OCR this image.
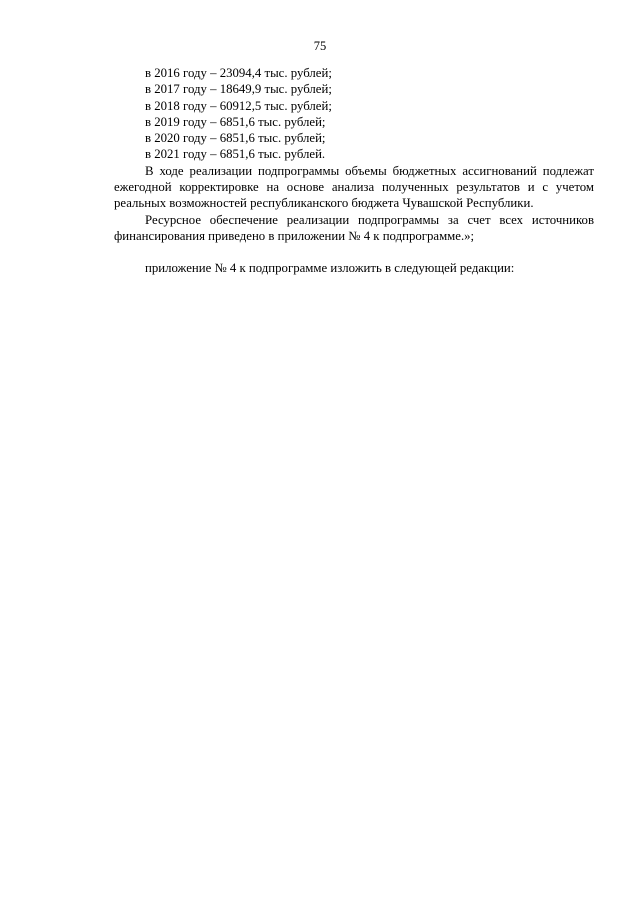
75
в 2016 году – 23094,4 тыс. рублей;
в 2017 году – 18649,9 тыс. рублей;
в 2018 году – 60912,5 тыс. рублей;
в 2019 году – 6851,6 тыс. рублей;
в 2020 году – 6851,6 тыс. рублей;
в 2021 году – 6851,6 тыс. рублей.

В ходе реализации подпрограммы объемы бюджетных ассигнований подлежат ежегодной корректировке на основе анализа полученных результатов и с учетом реальных возможностей республиканского бюджета Чувашской Республики.

Ресурсное обеспечение реализации подпрограммы за счет всех источников финансирования приведено в приложении № 4 к подпрограмме.»;

приложение № 4 к подпрограмме изложить в следующей редакции:
